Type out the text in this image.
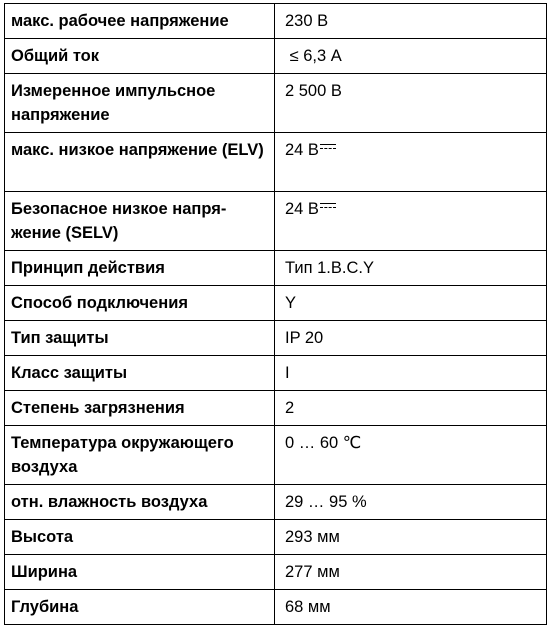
макс. рабочее напряжение	230 В
Общий ток	≤ 6,3 А
Измеренное импульсное напряжение	2 500 В
макс. низкое напряжение (ELV)	24 В

Безопасное низкое напря-жение (SELV)	24 В

Принцип действия	Тип 1.B.C.Y
Способ подключения	Y
Тип защиты	IP 20
Класс защиты	I
Степень загрязнения	2
Температура окружающего воздуха	0 … 60 ℃
отн. влажность воздуха	29 … 95 %
Высота	293 мм
Ширина	277 мм
Глубина	68 мм
